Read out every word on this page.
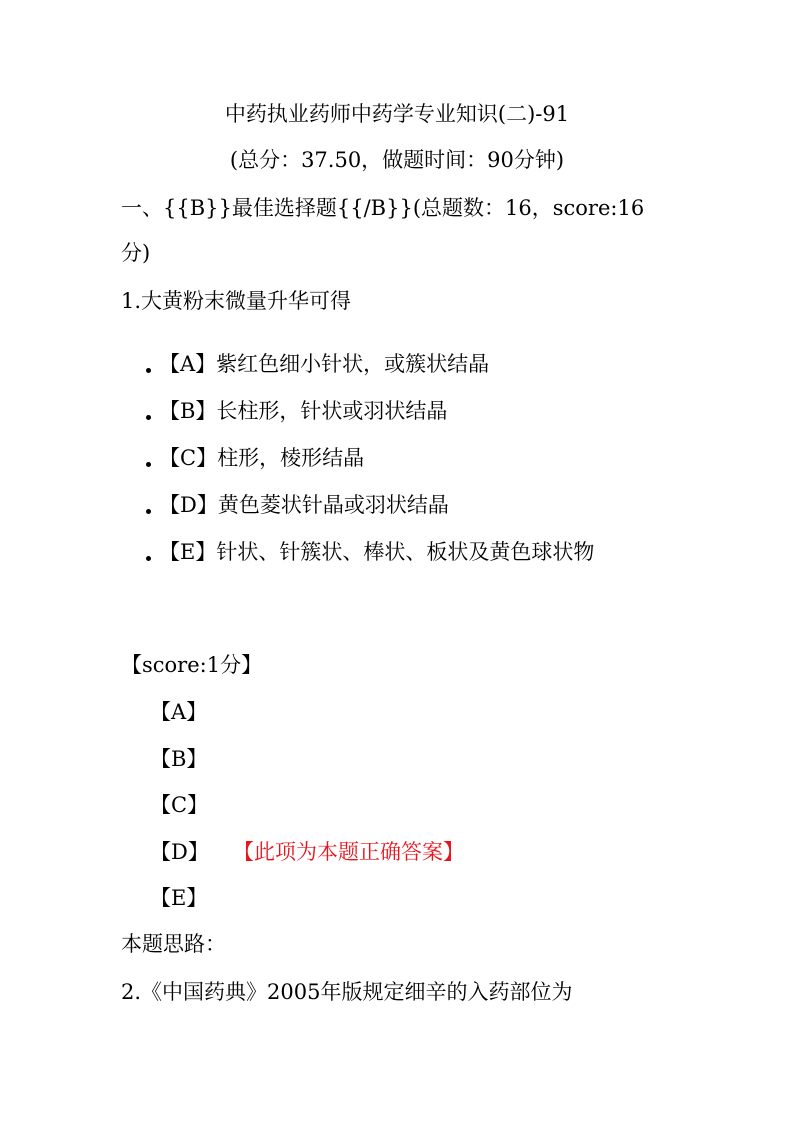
中药执业药师中药学专业知识(二)-91
(总分：37.50，做题时间：90分钟)
一、{{B}}最佳选择题{{/B}}(总题数：16，score:16
分)
1.大黄粉末微量升华可得
【A】紫红色细小针状，或簇状结晶
【B】长柱形，针状或羽状结晶
【C】柱形，棱形结晶
【D】黄色菱状针晶或羽状结晶
【E】针状、针簇状、棒状、板状及黄色球状物
【score:1分】
【A】
【B】
【C】
【D】 【此项为本题正确答案】
【E】
本题思路：
2.《中国药典》2005年版规定细辛的入药部位为
